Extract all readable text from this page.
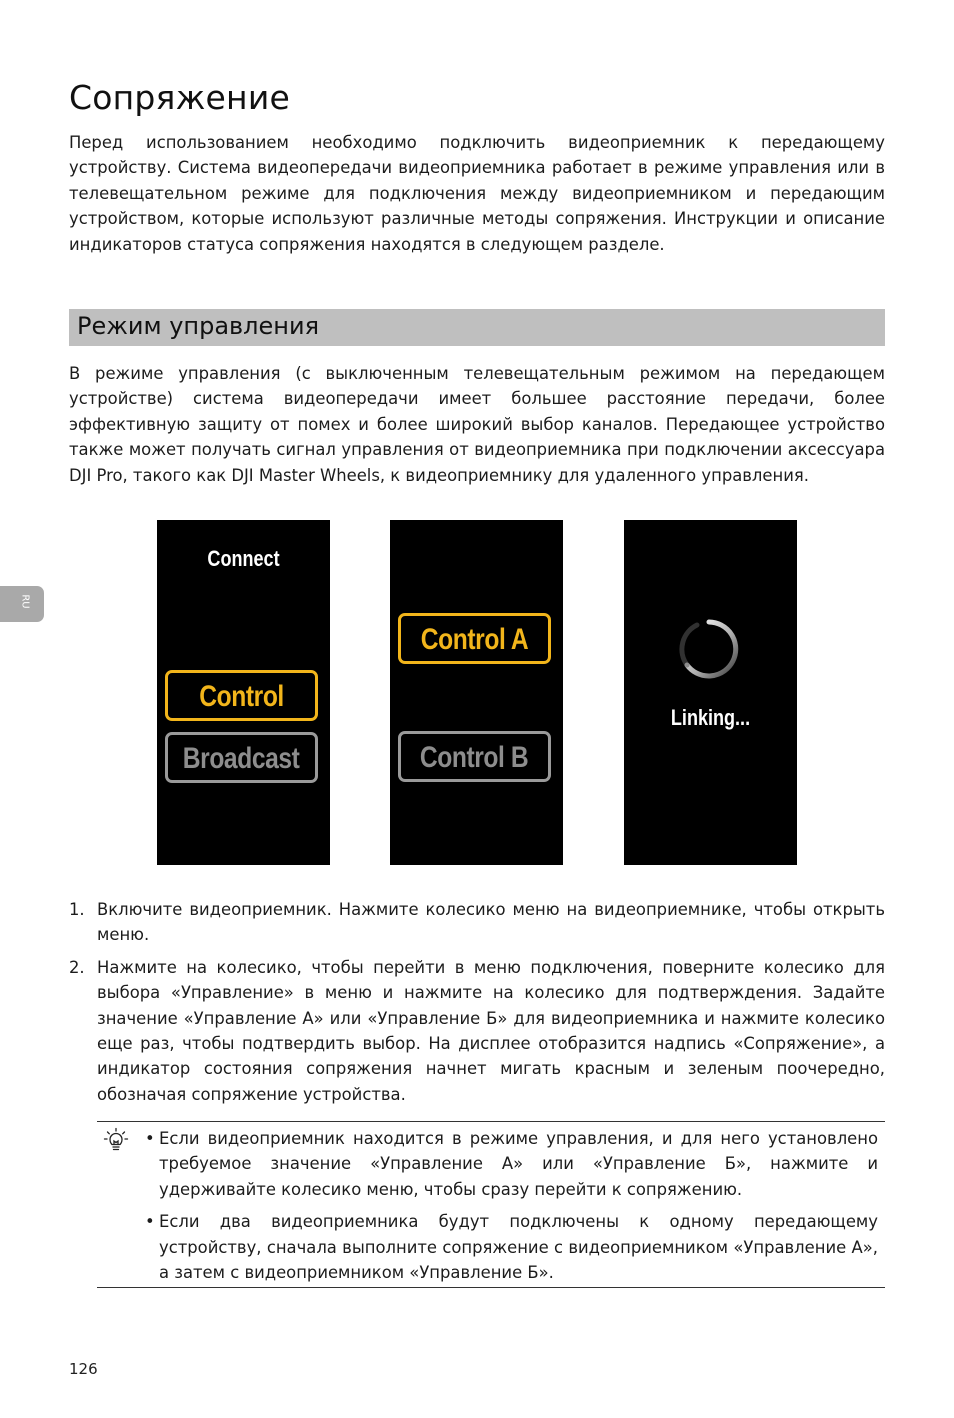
Сопряжение

Перед использованием необходимо подключить видеоприемник к передающему устройству. Система видеопередачи видеоприемника работает в режиме управления или в телевещательном режиме для подключения между видеоприемником и передающим устройством, которые используют различные методы сопряжения. Инструкции и описание индикаторов статуса сопряжения находятся в следующем разделе.

Режим управления

В режиме управления (с выключенным телевещательным режимом на передающем устройстве) система видеопередачи имеет большее расстояние передачи, более эффективную защиту от помех и более широкий выбор каналов. Передающее устройство также может получать сигнал управления от видеоприемника при подключении аксессуара DJI Pro, такого как DJI Master Wheels, к видеоприемнику для удаленного управления.

RU
Connect
Control
Broadcast
Control A
Control B
Linking...
1. Включите видеоприемник. Нажмите колесико меню на видеоприемнике, чтобы открыть меню.
2. Нажмите на колесико, чтобы перейти в меню подключения, поверните колесико для выбора «Управление» в меню и нажмите на колесико для подтверждения. Задайте значение «Управление А» или «Управление Б» для видеоприемника и нажмите колесико еще раз, чтобы подтвердить выбор. На дисплее отобразится надпись «Сопряжение», а индикатор состояния сопряжения начнет мигать красным и зеленым поочередно, обозначая сопряжение устройства.
• Если видеоприемник находится в режиме управления, и для него установлено требуемое значение «Управление А» или «Управление Б», нажмите и удерживайте колесико меню, чтобы сразу перейти к сопряжению.
• Если два видеоприемника будут подключены к одному передающему устройству, сначала выполните сопряжение с видеоприемником «Управление А», а затем с видеоприемником «Управление Б».
126
